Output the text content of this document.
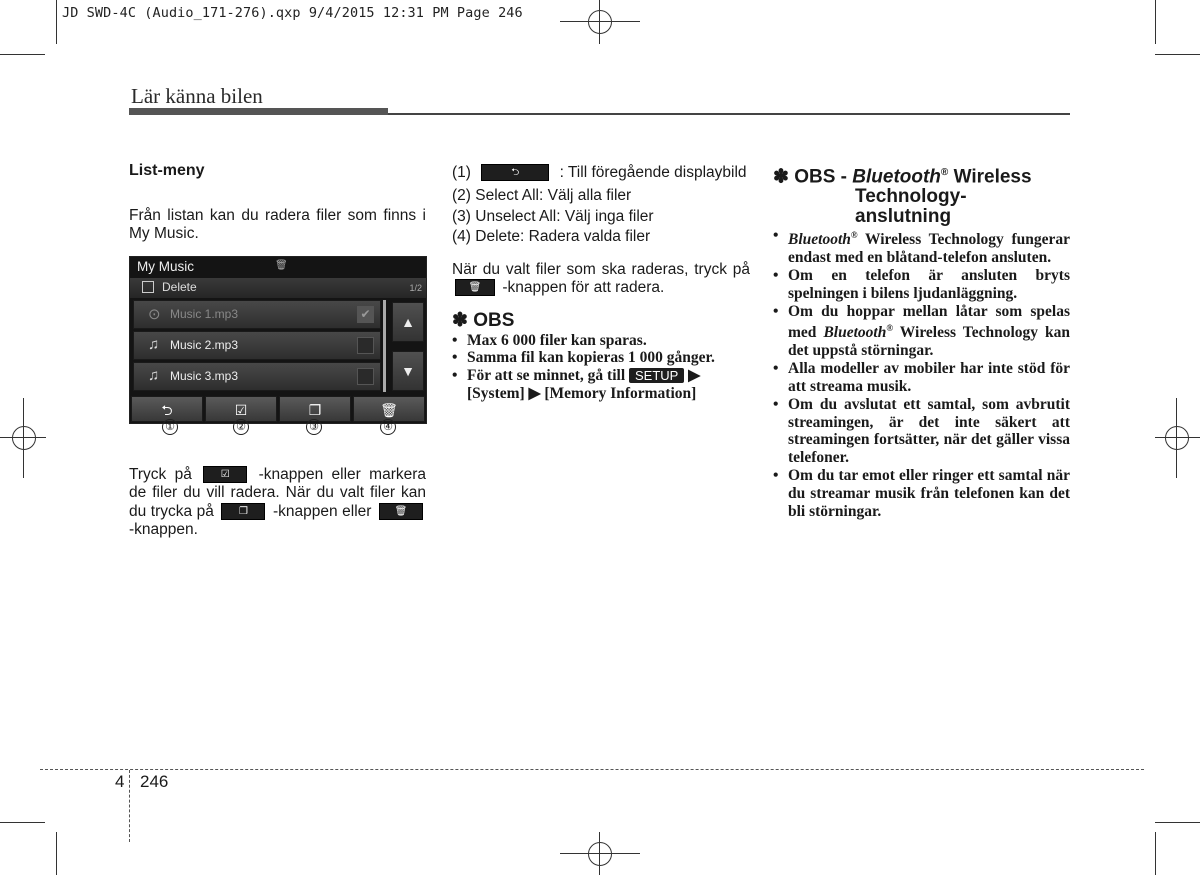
JD SWD-4C (Audio_171-276).qxp 9/4/2015 12:31 PM Page 246
Lär känna bilen
List-meny
Från listan kan du radera filer som finns i My Music.
My Music	🗑
Delete	1/2
⊙ Music 1.mp3	✔
♫ Music 2.mp3
♫ Music 3.mp3
▲
▼
⮌	☑	❐	🗑
①	②	③	④
Tryck på	☑ -knappen eller markera de filer du vill radera. När du valt filer kan du trycka på	❐ -knappen eller 🗑 -knappen.
(1)	⮌	: Till föregående displaybild
(2) Select All: Välj alla filer
(3) Unselect All: Välj inga filer
(4) Delete: Radera valda filer

När du valt filer som ska raderas, tryck på 🗑 -knappen för att radera.

✽ OBS
• Max 6 000 filer kan sparas.
• Samma fil kan kopieras 1 000 gånger.
• För att se minnet, gå till SETUP ▶
[System] ▶ [Memory Information]
✽ OBS - Bluetooth® Wireless
Technology-
anslutning
• Bluetooth® Wireless Technology fungerar endast med en blåtand-telefon ansluten.
• Om en telefon är ansluten bryts spelningen i bilens ljudanläggning.
• Om du hoppar mellan låtar som spelas med Bluetooth® Wireless Technology kan det uppstå störningar.
• Alla modeller av mobiler har inte stöd för att streama musik.
• Om du avslutat ett samtal, som avbrutit streamingen, är det inte säkert att streamingen fortsätter, när det gäller vissa telefoner.
• Om du tar emot eller ringer ett samtal när du streamar musik från telefonen kan det bli störningar.
4 246
